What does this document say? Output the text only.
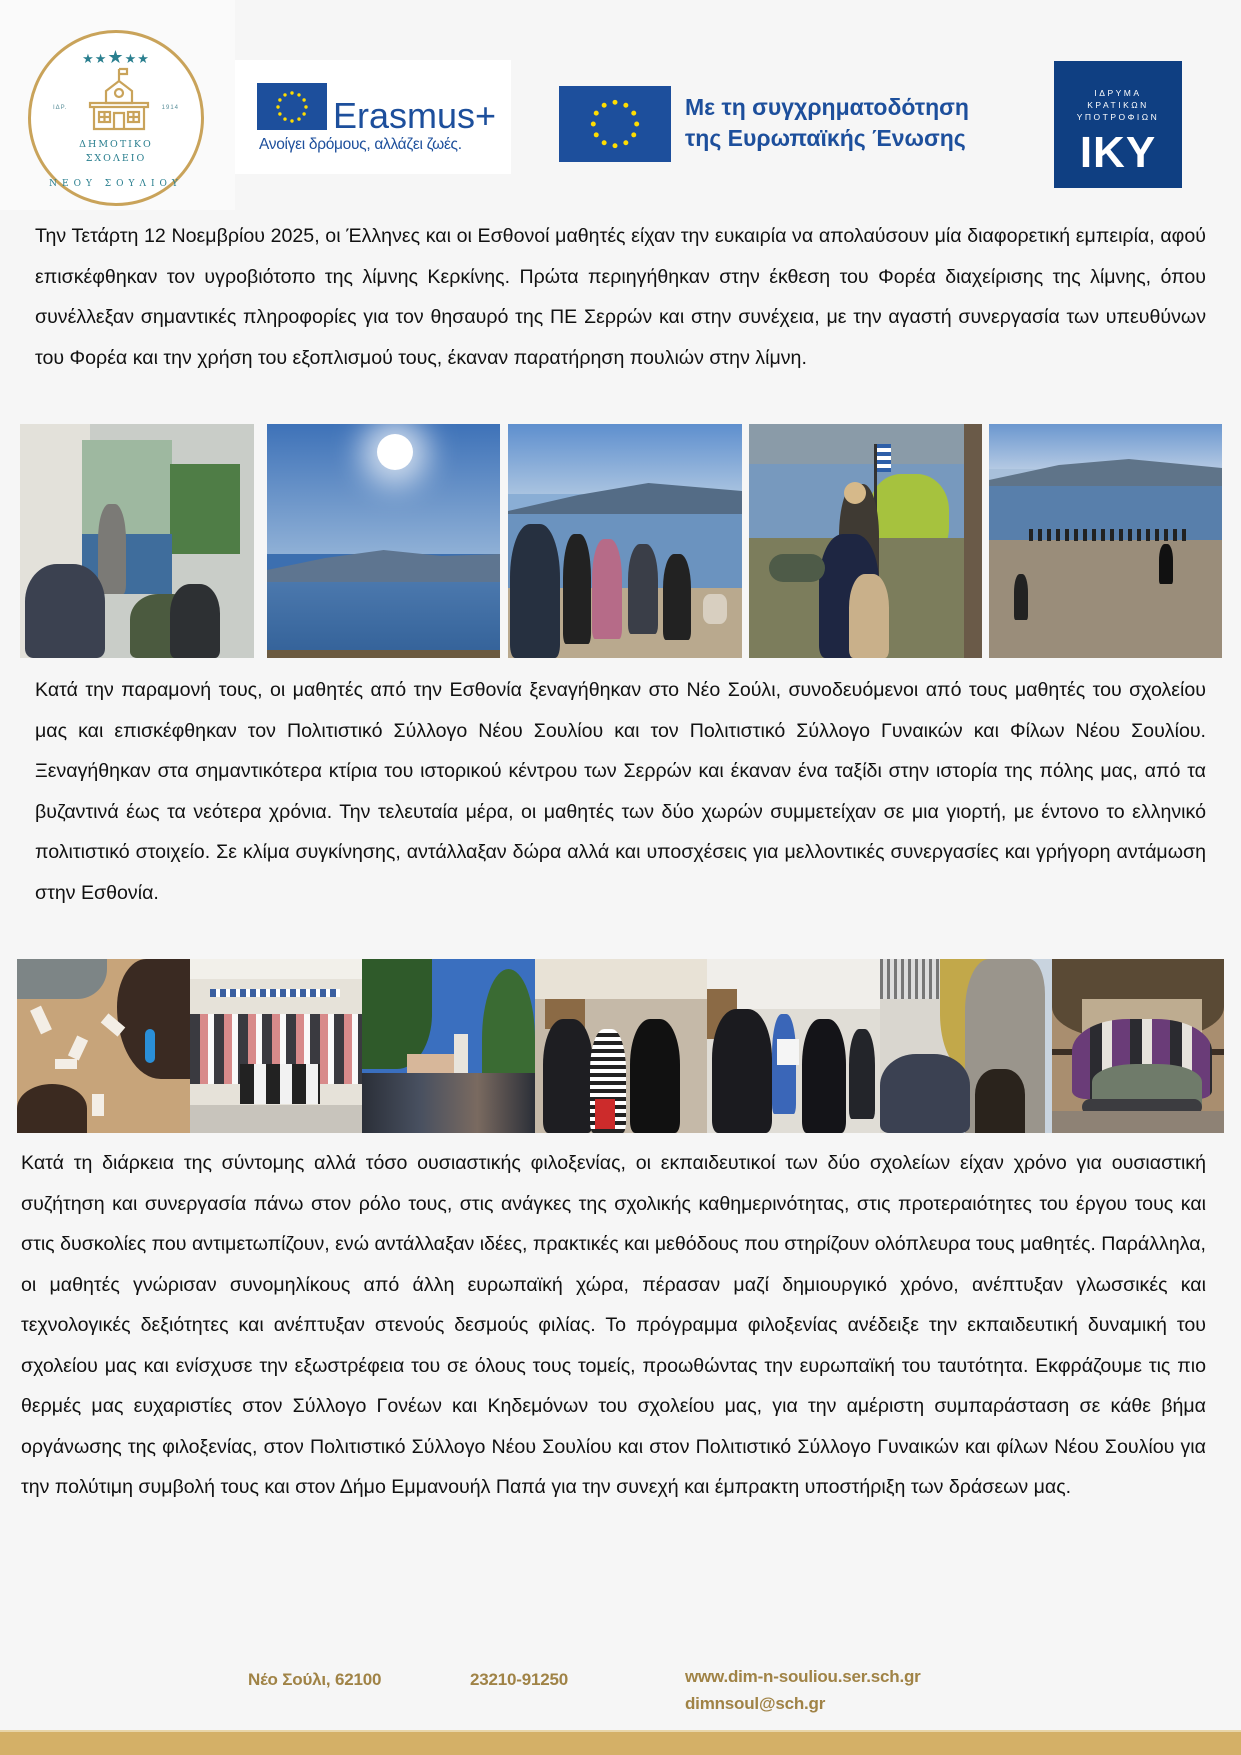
★★★★★
ΙΔΡ.	1914
ΔΗΜΟΤΙΚΟ
ΣΧΟΛΕΙΟ
ΝΕΟΥ ΣΟΥΛΙΟΥ
Erasmus+
Ανοίγει δρόμους, αλλάζει ζωές.
Με τη συγχρηματοδότηση
της Ευρωπαϊκής Ένωσης
ΙΔΡΥΜΑ
ΚΡΑΤΙΚΩΝ
ΥΠΟΤΡΟΦΙΩΝ
ΙΚΥ

Την Τετάρτη 12 Νοεμβρίου 2025, οι Έλληνες και οι Εσθονοί μαθητές είχαν την ευκαιρία να απολαύσουν μία διαφορετική εμπειρία, αφού επισκέφθηκαν τον υγροβιότοπο της λίμνης Κερκίνης. Πρώτα περιηγήθηκαν στην έκθεση του Φορέα διαχείρισης της λίμνης, όπου συνέλλεξαν σημαντικές πληροφορίες για τον θησαυρό της ΠΕ Σερρών και στην συνέχεια, με την αγαστή συνεργασία των υπευθύνων του Φορέα και την χρήση του εξοπλισμού τους, έκαναν παρατήρηση πουλιών στην λίμνη.

Κατά την παραμονή τους, οι μαθητές από την Εσθονία ξεναγήθηκαν στο Νέο Σούλι, συνοδευόμενοι από τους μαθητές του σχολείου μας και επισκέφθηκαν τον Πολιτιστικό Σύλλογο Νέου Σουλίου και τον Πολιτιστικό Σύλλογο Γυναικών και Φίλων Νέου Σουλίου. Ξεναγήθηκαν στα σημαντικότερα κτίρια του ιστορικού κέντρου των Σερρών και έκαναν ένα ταξίδι στην ιστορία της πόλης μας, από τα βυζαντινά έως τα νεότερα χρόνια. Την τελευταία μέρα, οι μαθητές των δύο χωρών συμμετείχαν σε μια γιορτή, με έντονο το ελληνικό πολιτιστικό στοιχείο. Σε κλίμα συγκίνησης, αντάλλαξαν δώρα αλλά και υποσχέσεις για μελλοντικές συνεργασίες και γρήγορη αντάμωση στην Εσθονία.

Κατά τη διάρκεια της σύντομης αλλά τόσο ουσιαστικής φιλοξενίας, οι εκπαιδευτικοί των δύο σχολείων είχαν χρόνο για ουσιαστική συζήτηση και συνεργασία πάνω στον ρόλο τους, στις ανάγκες της σχολικής καθημερινότητας, στις προτεραιότητες του έργου τους και στις δυσκολίες που αντιμετωπίζουν, ενώ αντάλλαξαν ιδέες, πρακτικές και μεθόδους που στηρίζουν ολόπλευρα τους μαθητές. Παράλληλα, οι μαθητές γνώρισαν συνομηλίκους από άλλη ευρωπαϊκή χώρα, πέρασαν μαζί δημιουργικό χρόνο, ανέπτυξαν γλωσσικές και τεχνολογικές δεξιότητες και ανέπτυξαν στενούς δεσμούς φιλίας. Το πρόγραμμα φιλοξενίας ανέδειξε την εκπαιδευτική δυναμική του σχολείου μας και ενίσχυσε την εξωστρέφεια του σε όλους τους τομείς, προωθώντας την ευρωπαϊκή του ταυτότητα. Εκφράζουμε τις πιο θερμές μας ευχαριστίες στον Σύλλογο Γονέων και Κηδεμόνων του σχολείου μας, για την αμέριστη συμπαράσταση σε κάθε βήμα οργάνωσης της φιλοξενίας, στον Πολιτιστικό Σύλλογο Νέου Σουλίου και στον Πολιτιστικό Σύλλογο Γυναικών και φίλων Νέου Σουλίου για την πολύτιμη συμβολή τους και στον Δήμο Εμμανουήλ Παπά για την συνεχή και έμπρακτη υποστήριξη των δράσεων μας.

Νέο Σούλι, 62100	23210-91250	www.dim-n-souliou.ser.sch.gr
dimnsoul@sch.gr
